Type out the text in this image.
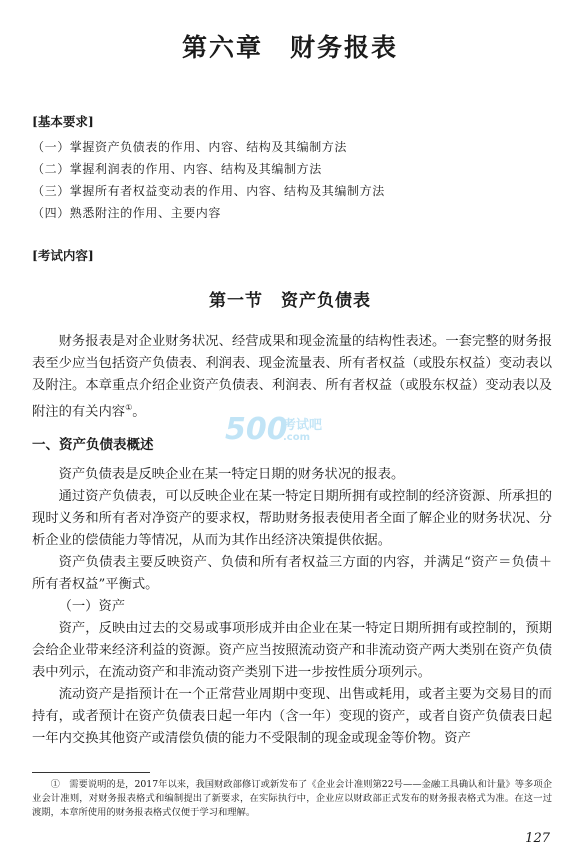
第六章　财务报表
[基本要求]
（一）掌握资产负债表的作用、内容、结构及其编制方法
（二）掌握利润表的作用、内容、结构及其编制方法
（三）掌握所有者权益变动表的作用、内容、结构及其编制方法
（四）熟悉附注的作用、主要内容
[考试内容]
第一节　资产负债表
财务报表是对企业财务状况、经营成果和现金流量的结构性表述。一套完整的财务报表至少应当包括资产负债表、利润表、现金流量表、所有者权益（或股东权益）变动表以及附注。本章重点介绍企业资产负债表、利润表、所有者权益（或股东权益）变动表以及附注的有关内容①。
500
考试吧
.com
一、资产负债表概述
资产负债表是反映企业在某一特定日期的财务状况的报表。
通过资产负债表，可以反映企业在某一特定日期所拥有或控制的经济资源、所承担的现时义务和所有者对净资产的要求权，帮助财务报表使用者全面了解企业的财务状况、分析企业的偿债能力等情况，从而为其作出经济决策提供依据。
资产负债表主要反映资产、负债和所有者权益三方面的内容，并满足“资产＝负债＋所有者权益”平衡式。
（一）资产
资产，反映由过去的交易或事项形成并由企业在某一特定日期所拥有或控制的，预期会给企业带来经济利益的资源。资产应当按照流动资产和非流动资产两大类别在资产负债表中列示，在流动资产和非流动资产类别下进一步按性质分项列示。
流动资产是指预计在一个正常营业周期中变现、出售或耗用，或者主要为交易目的而持有，或者预计在资产负债表日起一年内（含一年）变现的资产，或者自资产负债表日起一年内交换其他资产或清偿负债的能力不受限制的现金或现金等价物。资产
①　需要说明的是，2017年以来，我国财政部修订或新发布了《企业会计准则第22号——金融工具确认和计量》等多项企业会计准则，对财务报表格式和编制提出了新要求，在实际执行中，企业应以财政部正式发布的财务报表格式为准。在这一过渡期，本章所使用的财务报表格式仅便于学习和理解。
127
